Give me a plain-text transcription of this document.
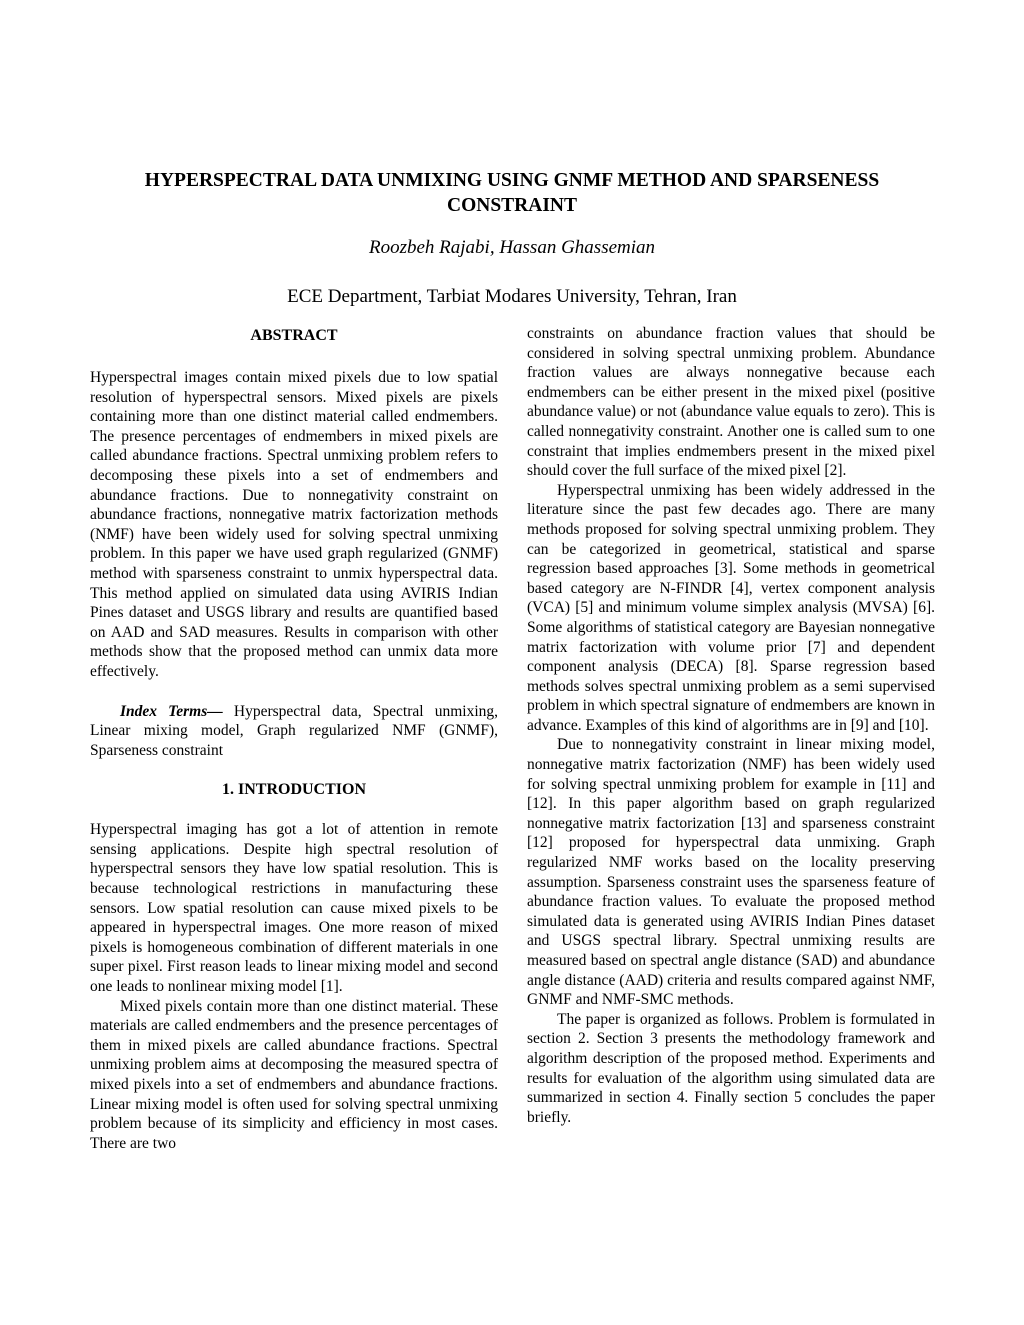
HYPERSPECTRAL DATA UNMIXING USING GNMF METHOD AND SPARSENESS CONSTRAINT
Roozbeh Rajabi, Hassan Ghassemian
ECE Department, Tarbiat Modares University, Tehran, Iran
ABSTRACT

Hyperspectral images contain mixed pixels due to low spatial resolution of hyperspectral sensors. Mixed pixels are pixels containing more than one distinct material called endmembers. The presence percentages of endmembers in mixed pixels are called abundance fractions. Spectral unmixing problem refers to decomposing these pixels into a set of endmembers and abundance fractions. Due to nonnegativity constraint on abundance fractions, nonnegative matrix factorization methods (NMF) have been widely used for solving spectral unmixing problem. In this paper we have used graph regularized (GNMF) method with sparseness constraint to unmix hyperspectral data. This method applied on simulated data using AVIRIS Indian Pines dataset and USGS library and results are quantified based on AAD and SAD measures. Results in comparison with other methods show that the proposed method can unmix data more effectively.

Index Terms— Hyperspectral data, Spectral unmixing, Linear mixing model, Graph regularized NMF (GNMF), Sparseness constraint

1. INTRODUCTION

Hyperspectral imaging has got a lot of attention in remote sensing applications. Despite high spectral resolution of hyperspectral sensors they have low spatial resolution. This is because technological restrictions in manufacturing these sensors. Low spatial resolution can cause mixed pixels to be appeared in hyperspectral images. One more reason of mixed pixels is homogeneous combination of different materials in one super pixel. First reason leads to linear mixing model and second one leads to nonlinear mixing model [1].

Mixed pixels contain more than one distinct material. These materials are called endmembers and the presence percentages of them in mixed pixels are called abundance fractions. Spectral unmixing problem aims at decomposing the measured spectra of mixed pixels into a set of endmembers and abundance fractions. Linear mixing model is often used for solving spectral unmixing problem because of its simplicity and efficiency in most cases. There are two

constraints on abundance fraction values that should be considered in solving spectral unmixing problem. Abundance fraction values are always nonnegative because each endmembers can be either present in the mixed pixel (positive abundance value) or not (abundance value equals to zero). This is called nonnegativity constraint. Another one is called sum to one constraint that implies endmembers present in the mixed pixel should cover the full surface of the mixed pixel [2].

Hyperspectral unmixing has been widely addressed in the literature since the past few decades ago. There are many methods proposed for solving spectral unmixing problem. They can be categorized in geometrical, statistical and sparse regression based approaches [3]. Some methods in geometrical based category are N-FINDR [4], vertex component analysis (VCA) [5] and minimum volume simplex analysis (MVSA) [6]. Some algorithms of statistical category are Bayesian nonnegative matrix factorization with volume prior [7] and dependent component analysis (DECA) [8]. Sparse regression based methods solves spectral unmixing problem as a semi supervised problem in which spectral signature of endmembers are known in advance. Examples of this kind of algorithms are in [9] and [10].

Due to nonnegativity constraint in linear mixing model, nonnegative matrix factorization (NMF) has been widely used for solving spectral unmixing problem for example in [11] and [12]. In this paper algorithm based on graph regularized nonnegative matrix factorization [13] and sparseness constraint [12] proposed for hyperspectral data unmixing. Graph regularized NMF works based on the locality preserving assumption. Sparseness constraint uses the sparseness feature of abundance fraction values. To evaluate the proposed method simulated data is generated using AVIRIS Indian Pines dataset and USGS spectral library. Spectral unmixing results are measured based on spectral angle distance (SAD) and abundance angle distance (AAD) criteria and results compared against NMF, GNMF and NMF-SMC methods.

The paper is organized as follows. Problem is formulated in section 2. Section 3 presents the methodology framework and algorithm description of the proposed method. Experiments and results for evaluation of the algorithm using simulated data are summarized in section 4. Finally section 5 concludes the paper briefly.
